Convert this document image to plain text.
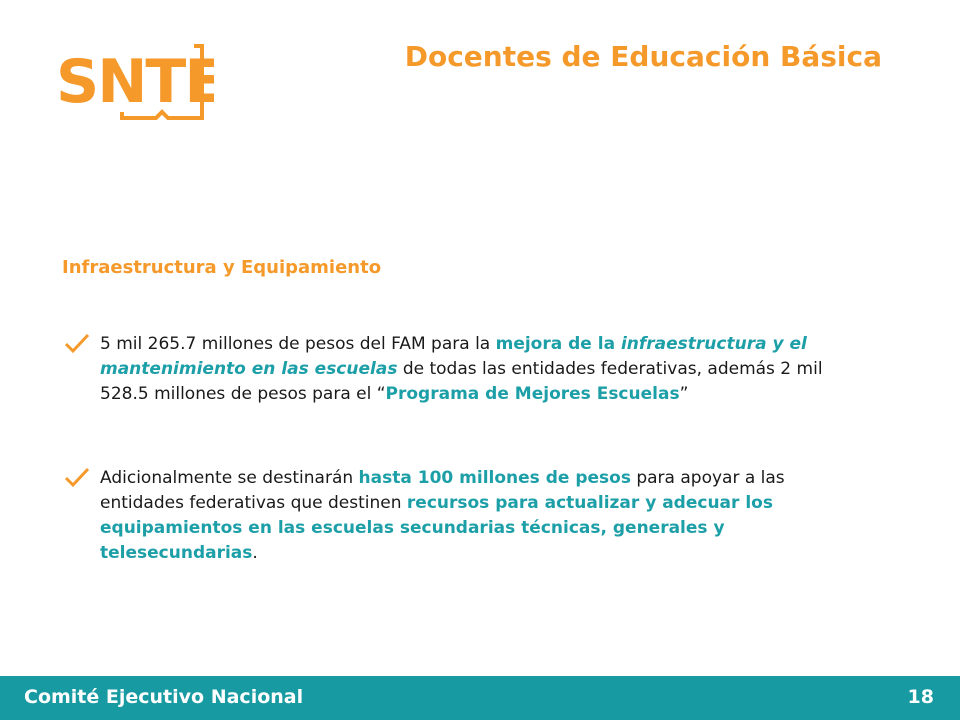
SNTE	Docentes de Educación Básica
Infraestructura y Equipamiento
5 mil 265.7 millones de pesos del FAM para la mejora de la infraestructura y el mantenimiento en las escuelas de todas las entidades federativas, además 2 mil 528.5 millones de pesos para el “Programa de Mejores Escuelas”
Adicionalmente se destinarán hasta 100 millones de pesos para apoyar a las entidades federativas que destinen recursos para actualizar y adecuar los equipamientos en las escuelas secundarias técnicas, generales y telesecundarias.
Comité Ejecutivo Nacional	18
